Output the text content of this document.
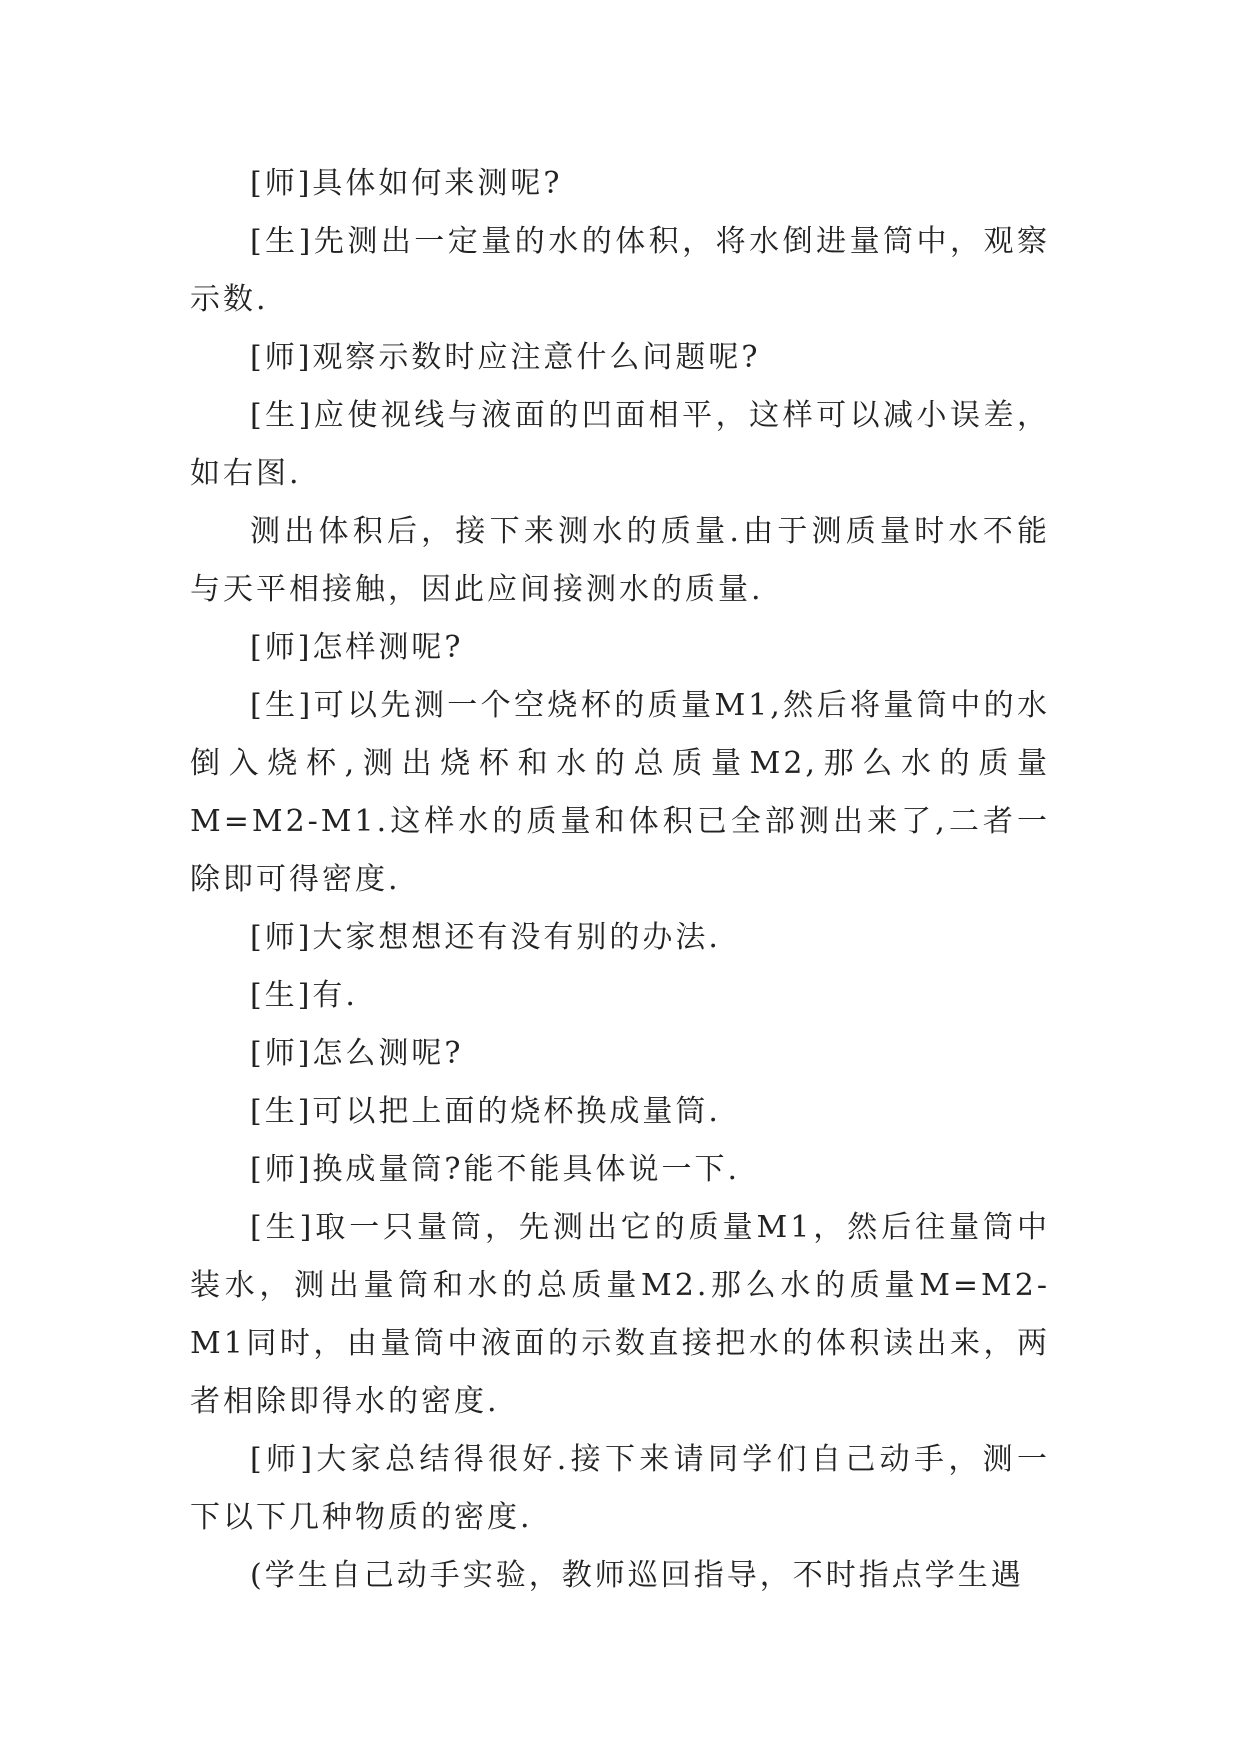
[师]具体如何来测呢?

[生]先测出一定量的水的体积，将水倒进量筒中，观察示数.

[师]观察示数时应注意什么问题呢?

[生]应使视线与液面的凹面相平，这样可以减小误差，如右图.

测出体积后，接下来测水的质量.由于测质量时水不能与天平相接触，因此应间接测水的质量.

[师]怎样测呢?

[生]可以先测一个空烧杯的质量M1,然后将量筒中的水倒入烧杯,测出烧杯和水的总质量M2,那么水的质量M=M2-M1.这样水的质量和体积已全部测出来了,二者一除即可得密度.

[师]大家想想还有没有别的办法.

[生]有.

[师]怎么测呢?

[生]可以把上面的烧杯换成量筒.

[师]换成量筒?能不能具体说一下.

[生]取一只量筒，先测出它的质量M1，然后往量筒中装水，测出量筒和水的总质量M2.那么水的质量M=M2-M1同时，由量筒中液面的示数直接把水的体积读出来，两者相除即得水的密度.

[师]大家总结得很好.接下来请同学们自己动手，测一下以下几种物质的密度.

(学生自己动手实验，教师巡回指导，不时指点学生遇
